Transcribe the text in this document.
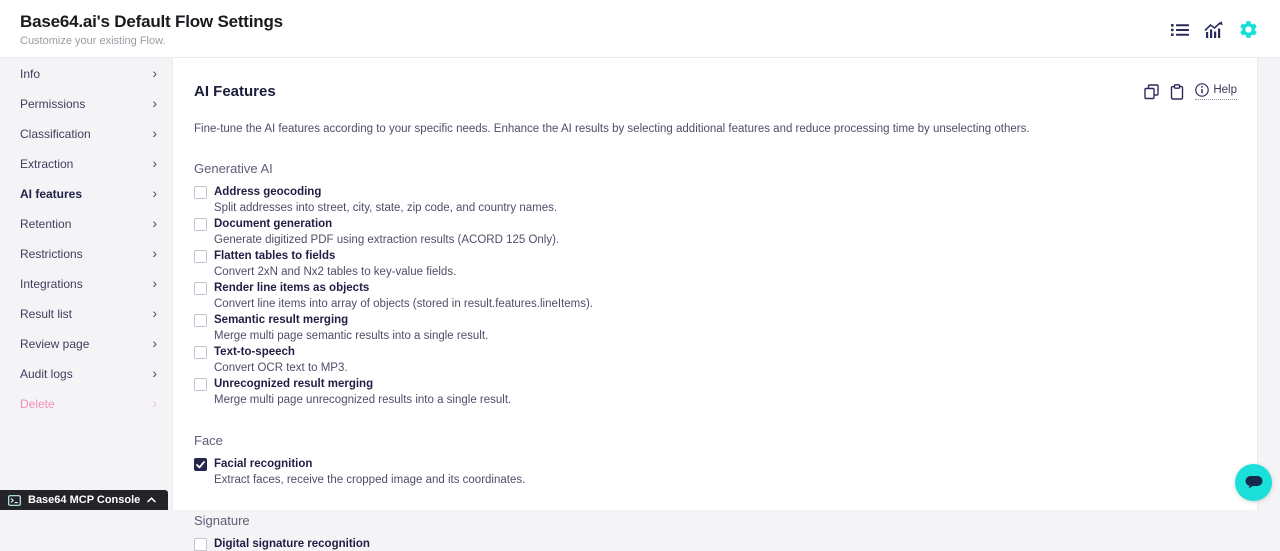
Base64.ai's Default Flow Settings
Customize your existing Flow.
Info	›
Permissions	›
Classification	›
Extraction	›
AI features	›
Retention	›
Restrictions	›
Integrations	›
Result list	›
Review page	›
Audit logs	›
Delete	›
AI Features	Help
Fine-tune the AI features according to your specific needs. Enhance the AI results by selecting additional features and reduce processing time by unselecting others.
Generative AI
Address geocoding
Split addresses into street, city, state, zip code, and country names.
Document generation
Generate digitized PDF using extraction results (ACORD 125 Only).
Flatten tables to fields
Convert 2xN and Nx2 tables to key-value fields.
Render line items as objects
Convert line items into array of objects (stored in result.features.lineItems).
Semantic result merging
Merge multi page semantic results into a single result.
Text-to-speech
Convert OCR text to MP3.
Unrecognized result merging
Merge multi page unrecognized results into a single result.
Face
Facial recognition
Extract faces, receive the cropped image and its coordinates.
Signature
Digital signature recognition
Base64 MCP Console
